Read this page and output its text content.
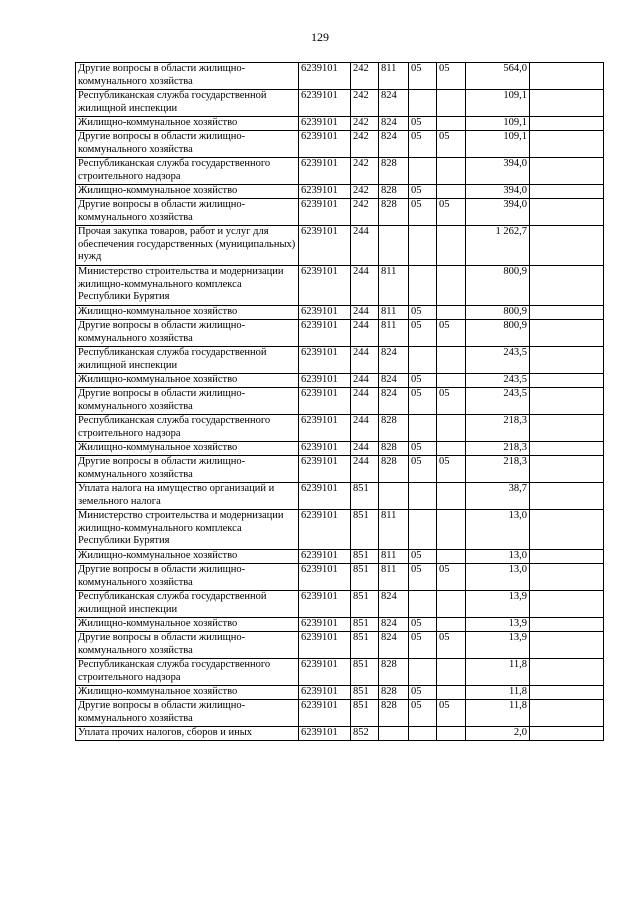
129
Другие вопросы в области жилищно-коммунального хозяйства	6239101	242	811	05	05	564,0	
Республиканская служба государственной жилищной инспекции	6239101	242	824			109,1	
Жилищно-коммунальное хозяйство	6239101	242	824	05		109,1	
Другие вопросы в области жилищно-коммунального хозяйства	6239101	242	824	05	05	109,1	
Республиканская служба государственного строительного надзора	6239101	242	828			394,0	
Жилищно-коммунальное хозяйство	6239101	242	828	05		394,0	
Другие вопросы в области жилищно-коммунального хозяйства	6239101	242	828	05	05	394,0	
Прочая закупка товаров, работ и услуг для обеспечения государственных (муниципальных) нужд	6239101	244				1 262,7	
Министерство строительства и модернизации жилищно-коммунального комплекса Республики Бурятия	6239101	244	811			800,9	
Жилищно-коммунальное хозяйство	6239101	244	811	05		800,9	
Другие вопросы в области жилищно-коммунального хозяйства	6239101	244	811	05	05	800,9	
Республиканская служба государственной жилищной инспекции	6239101	244	824			243,5	
Жилищно-коммунальное хозяйство	6239101	244	824	05		243,5	
Другие вопросы в области жилищно-коммунального хозяйства	6239101	244	824	05	05	243,5	
Республиканская служба государственного строительного надзора	6239101	244	828			218,3	
Жилищно-коммунальное хозяйство	6239101	244	828	05		218,3	
Другие вопросы в области жилищно-коммунального хозяйства	6239101	244	828	05	05	218,3	
Уплата налога на имущество организаций и земельного налога	6239101	851				38,7	
Министерство строительства и модернизации жилищно-коммунального комплекса Республики Бурятия	6239101	851	811			13,0	
Жилищно-коммунальное хозяйство	6239101	851	811	05		13,0	
Другие вопросы в области жилищно-коммунального хозяйства	6239101	851	811	05	05	13,0	
Республиканская служба государственной жилищной инспекции	6239101	851	824			13,9	
Жилищно-коммунальное хозяйство	6239101	851	824	05		13,9	
Другие вопросы в области жилищно-коммунального хозяйства	6239101	851	824	05	05	13,9	
Республиканская служба государственного строительного надзора	6239101	851	828			11,8	
Жилищно-коммунальное хозяйство	6239101	851	828	05		11,8	
Другие вопросы в области жилищно-коммунального хозяйства	6239101	851	828	05	05	11,8	
Уплата прочих налогов, сборов и иных	6239101	852				2,0	
